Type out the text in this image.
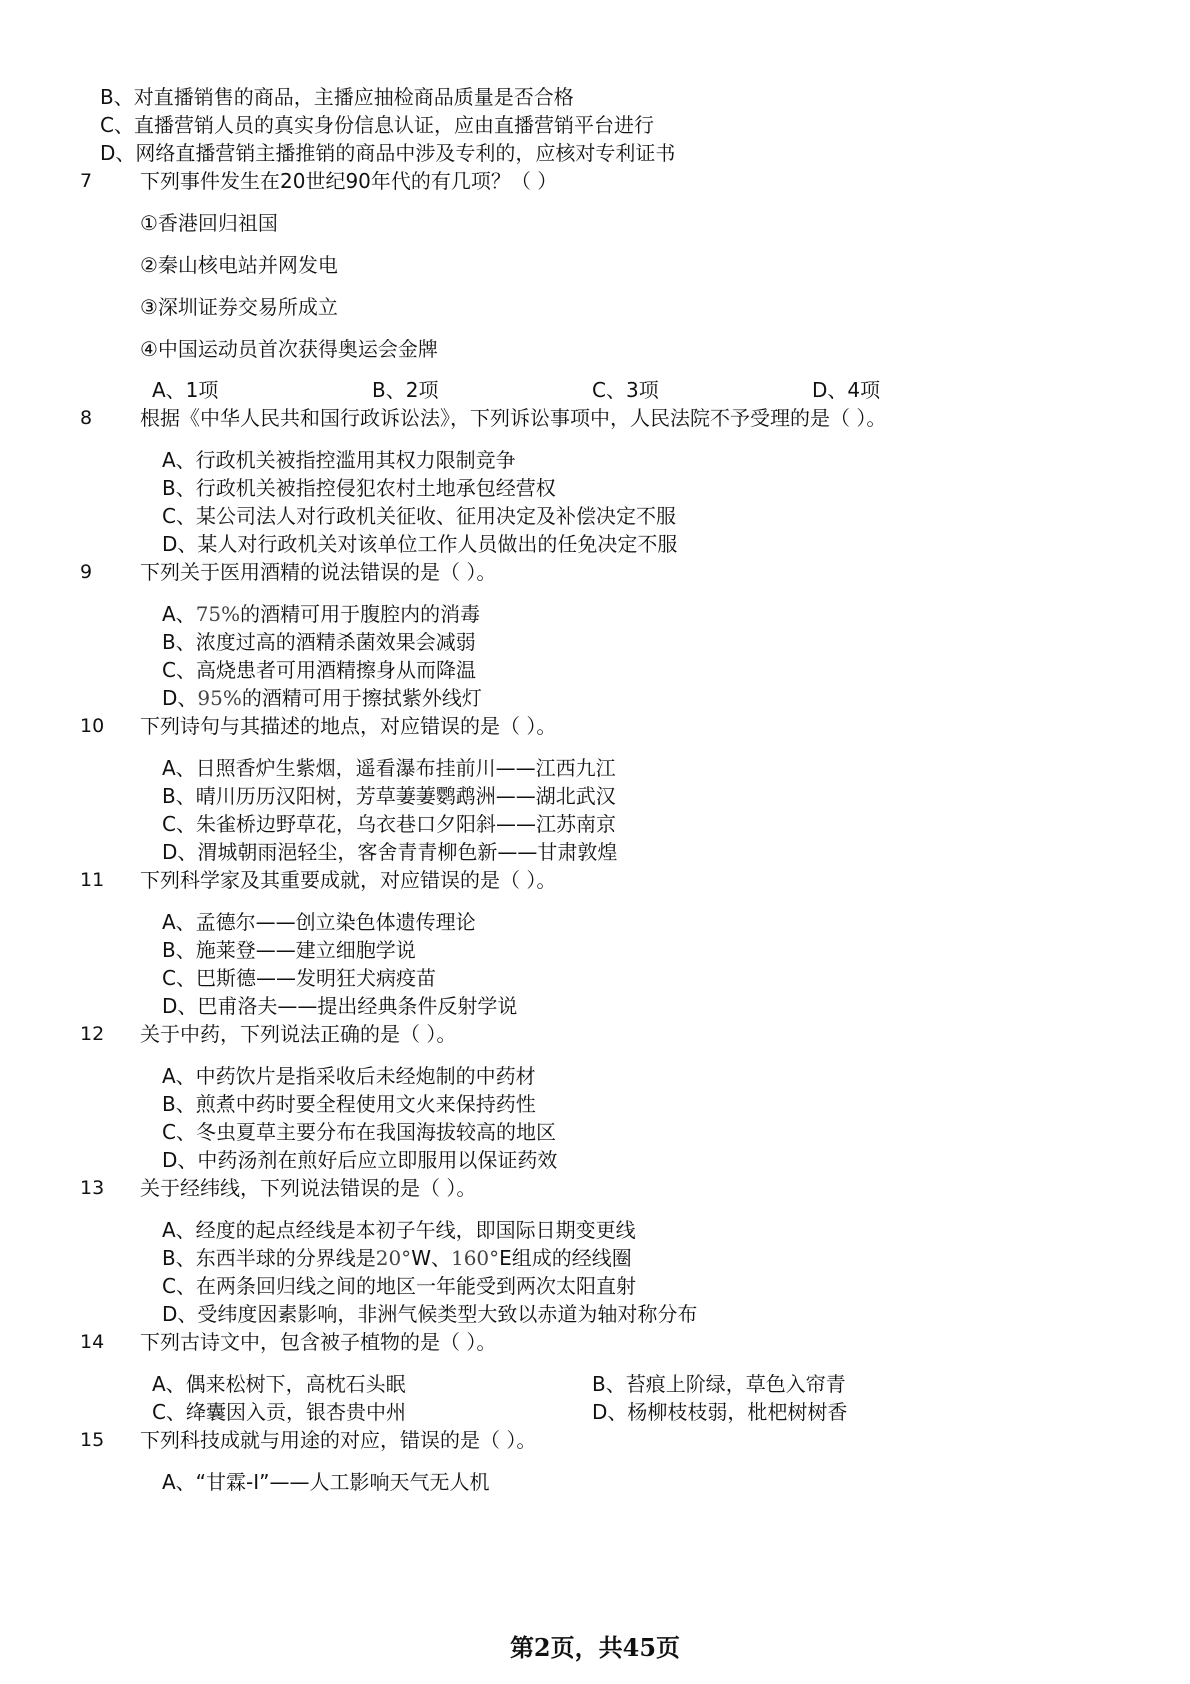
B、对直播销售的商品，主播应抽检商品质量是否合格
C、直播营销人员的真实身份信息认证，应由直播营销平台进行
D、网络直播营销主播推销的商品中涉及专利的，应核对专利证书
7 下列事件发生在20世纪90年代的有几项？（ ）
①香港回归祖国
②秦山核电站并网发电
③深圳证券交易所成立
④中国运动员首次获得奥运会金牌
A、1项	B、2项	C、3项	D、4项
8 根据《中华人民共和国行政诉讼法》，下列诉讼事项中，人民法院不予受理的是（ ）。
A、行政机关被指控滥用其权力限制竞争
B、行政机关被指控侵犯农村土地承包经营权
C、某公司法人对行政机关征收、征用决定及补偿决定不服
D、某人对行政机关对该单位工作人员做出的任免决定不服
9 下列关于医用酒精的说法错误的是（ ）。
A、75%的酒精可用于腹腔内的消毒
B、浓度过高的酒精杀菌效果会减弱
C、高烧患者可用酒精擦身从而降温
D、95%的酒精可用于擦拭紫外线灯
10 下列诗句与其描述的地点，对应错误的是（ ）。
A、日照香炉生紫烟，遥看瀑布挂前川——江西九江
B、晴川历历汉阳树，芳草萋萋鹦鹉洲——湖北武汉
C、朱雀桥边野草花，乌衣巷口夕阳斜——江苏南京
D、渭城朝雨浥轻尘，客舍青青柳色新——甘肃敦煌
11 下列科学家及其重要成就，对应错误的是（ ）。
A、孟德尔——创立染色体遗传理论
B、施莱登——建立细胞学说
C、巴斯德——发明狂犬病疫苗
D、巴甫洛夫——提出经典条件反射学说
12 关于中药，下列说法正确的是（ ）。
A、中药饮片是指采收后未经炮制的中药材
B、煎煮中药时要全程使用文火来保持药性
C、冬虫夏草主要分布在我国海拔较高的地区
D、中药汤剂在煎好后应立即服用以保证药效
13 关于经纬线，下列说法错误的是（ ）。
A、经度的起点经线是本初子午线，即国际日期变更线
B、东西半球的分界线是20°W、160°E组成的经线圈
C、在两条回归线之间的地区一年能受到两次太阳直射
D、受纬度因素影响，非洲气候类型大致以赤道为轴对称分布
14 下列古诗文中，包含被子植物的是（ ）。
A、偶来松树下，高枕石头眠	B、苔痕上阶绿，草色入帘青
C、绛囊因入贡，银杏贵中州	D、杨柳枝枝弱，枇杷树树香
15 下列科技成就与用途的对应，错误的是（ ）。
A、“甘霖-Ⅰ”——人工影响天气无人机
第2页，共45页
